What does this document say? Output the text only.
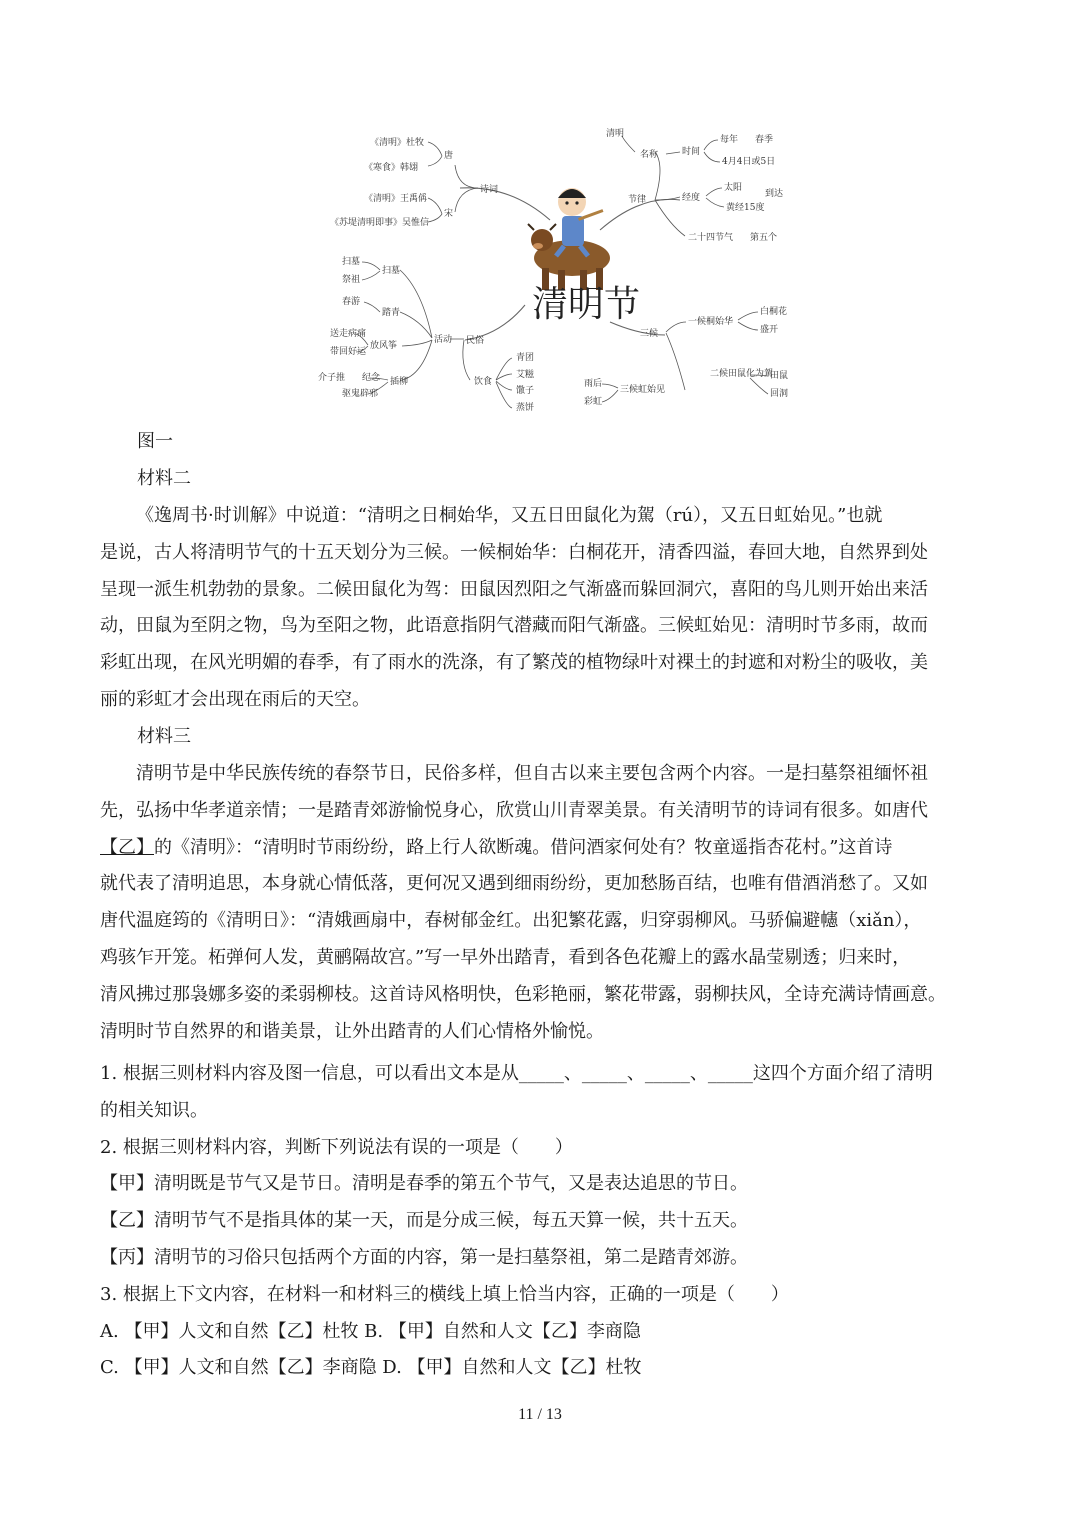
清明节
诗词
唐
宋
《清明》杜牧
《寒食》韩翃
《清明》王禹偁
《苏堤清明即事》吴惟信
节律
名称
清明
时间
每年 春季
4月4日或5日
经度
太阳
到达
黄经15度
二十四节气 第五个
民俗
活动
扫墓
扫墓
祭祖
踏青
春游
放风筝
送走病痛
带回好运
插柳
纪念
介子推
驱鬼辟邪
饮食
青团
艾糍
馓子
蒸饼
三候
一候桐始华
白桐花
盛开
二候田鼠化为駕
田鼠
回洞
三候虹始见
雨后
彩虹
图一
材料二

《逸周书·时训解》中说道：“清明之日桐始华，又五日田鼠化为駕（rú），又五日虹始见。”也就

是说，古人将清明节气的十五天划分为三候。一候桐始华：白桐花开，清香四溢，春回大地，自然界到处

呈现一派生机勃勃的景象。二候田鼠化为驾：田鼠因烈阳之气渐盛而躲回洞穴，喜阳的鸟儿则开始出来活

动，田鼠为至阴之物，鸟为至阳之物，此语意指阴气潜藏而阳气渐盛。三候虹始见：清明时节多雨，故而

彩虹出现，在风光明媚的春季，有了雨水的洗涤，有了繁茂的植物绿叶对裸土的封遮和对粉尘的吸收，美

丽的彩虹才会出现在雨后的天空。

材料三

清明节是中华民族传统的春祭节日，民俗多样，但自古以来主要包含两个内容。一是扫墓祭祖缅怀祖

先，弘扬中华孝道亲情；一是踏青郊游愉悦身心，欣赏山川青翠美景。有关清明节的诗词有很多。如唐代

【乙】的《清明》：“清明时节雨纷纷，路上行人欲断魂。借问酒家何处有？牧童遥指杏花村。”这首诗

就代表了清明追思，本身就心情低落，更何况又遇到细雨纷纷，更加愁肠百结，也唯有借酒消愁了。又如

唐代温庭筠的《清明日》：“清娥画扇中，春树郁金红。出犯繁花露，归穿弱柳风。马骄偏避幰（xiǎn），

鸡骇乍开笼。柘弹何人发，黄鹂隔故宫。”写一早外出踏青，看到各色花瓣上的露水晶莹剔透；归来时，

清风拂过那袅娜多姿的柔弱柳枝。这首诗风格明快，色彩艳丽，繁花带露，弱柳扶风，全诗充满诗情画意。

清明时节自然界的和谐美景，让外出踏青的人们心情格外愉悦。

1. 根据三则材料内容及图一信息，可以看出文本是从_____、_____、_____、_____这四个方面介绍了清明

的相关知识。

2. 根据三则材料内容，判断下列说法有误的一项是（　　）

【甲】清明既是节气又是节日。清明是春季的第五个节气，又是表达追思的节日。

【乙】清明节气不是指具体的某一天，而是分成三候，每五天算一候，共十五天。

【丙】清明节的习俗只包括两个方面的内容，第一是扫墓祭祖，第二是踏青郊游。

3. 根据上下文内容，在材料一和材料三的横线上填上恰当内容，正确的一项是（　　）

A. 【甲】人文和自然【乙】杜牧 B. 【甲】自然和人文【乙】李商隐

C. 【甲】人文和自然【乙】李商隐 D. 【甲】自然和人文【乙】杜牧

11 / 13
